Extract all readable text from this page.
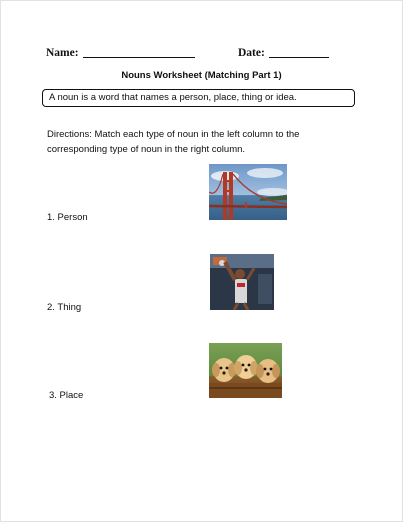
Name:	Date:
Nouns Worksheet (Matching Part 1)
A noun is a word that names a person, place, thing or idea.
Directions: Match each type of noun in the left column to the corresponding type of noun in the right column.
1. Person
2. Thing
3. Place
